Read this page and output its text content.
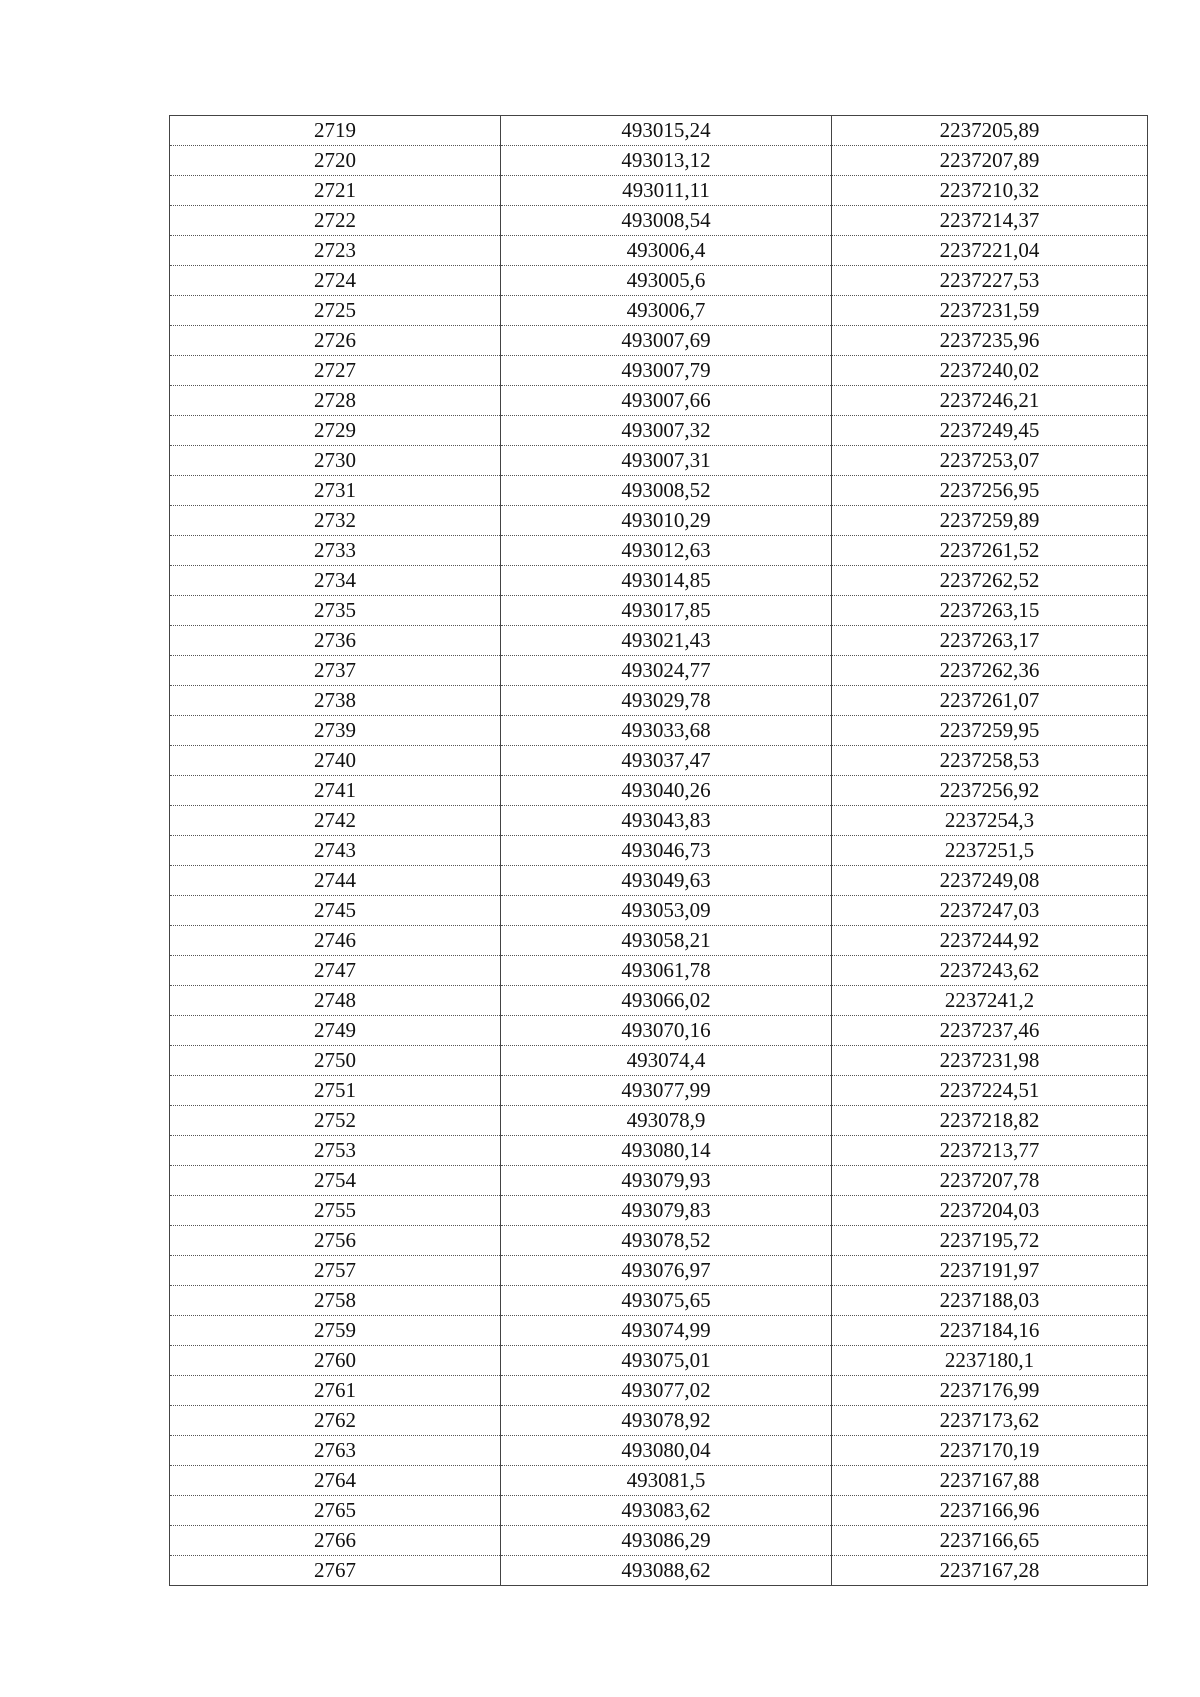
2719	493015,24	2237205,89
2720	493013,12	2237207,89
2721	493011,11	2237210,32
2722	493008,54	2237214,37
2723	493006,4	2237221,04
2724	493005,6	2237227,53
2725	493006,7	2237231,59
2726	493007,69	2237235,96
2727	493007,79	2237240,02
2728	493007,66	2237246,21
2729	493007,32	2237249,45
2730	493007,31	2237253,07
2731	493008,52	2237256,95
2732	493010,29	2237259,89
2733	493012,63	2237261,52
2734	493014,85	2237262,52
2735	493017,85	2237263,15
2736	493021,43	2237263,17
2737	493024,77	2237262,36
2738	493029,78	2237261,07
2739	493033,68	2237259,95
2740	493037,47	2237258,53
2741	493040,26	2237256,92
2742	493043,83	2237254,3
2743	493046,73	2237251,5
2744	493049,63	2237249,08
2745	493053,09	2237247,03
2746	493058,21	2237244,92
2747	493061,78	2237243,62
2748	493066,02	2237241,2
2749	493070,16	2237237,46
2750	493074,4	2237231,98
2751	493077,99	2237224,51
2752	493078,9	2237218,82
2753	493080,14	2237213,77
2754	493079,93	2237207,78
2755	493079,83	2237204,03
2756	493078,52	2237195,72
2757	493076,97	2237191,97
2758	493075,65	2237188,03
2759	493074,99	2237184,16
2760	493075,01	2237180,1
2761	493077,02	2237176,99
2762	493078,92	2237173,62
2763	493080,04	2237170,19
2764	493081,5	2237167,88
2765	493083,62	2237166,96
2766	493086,29	2237166,65
2767	493088,62	2237167,28
